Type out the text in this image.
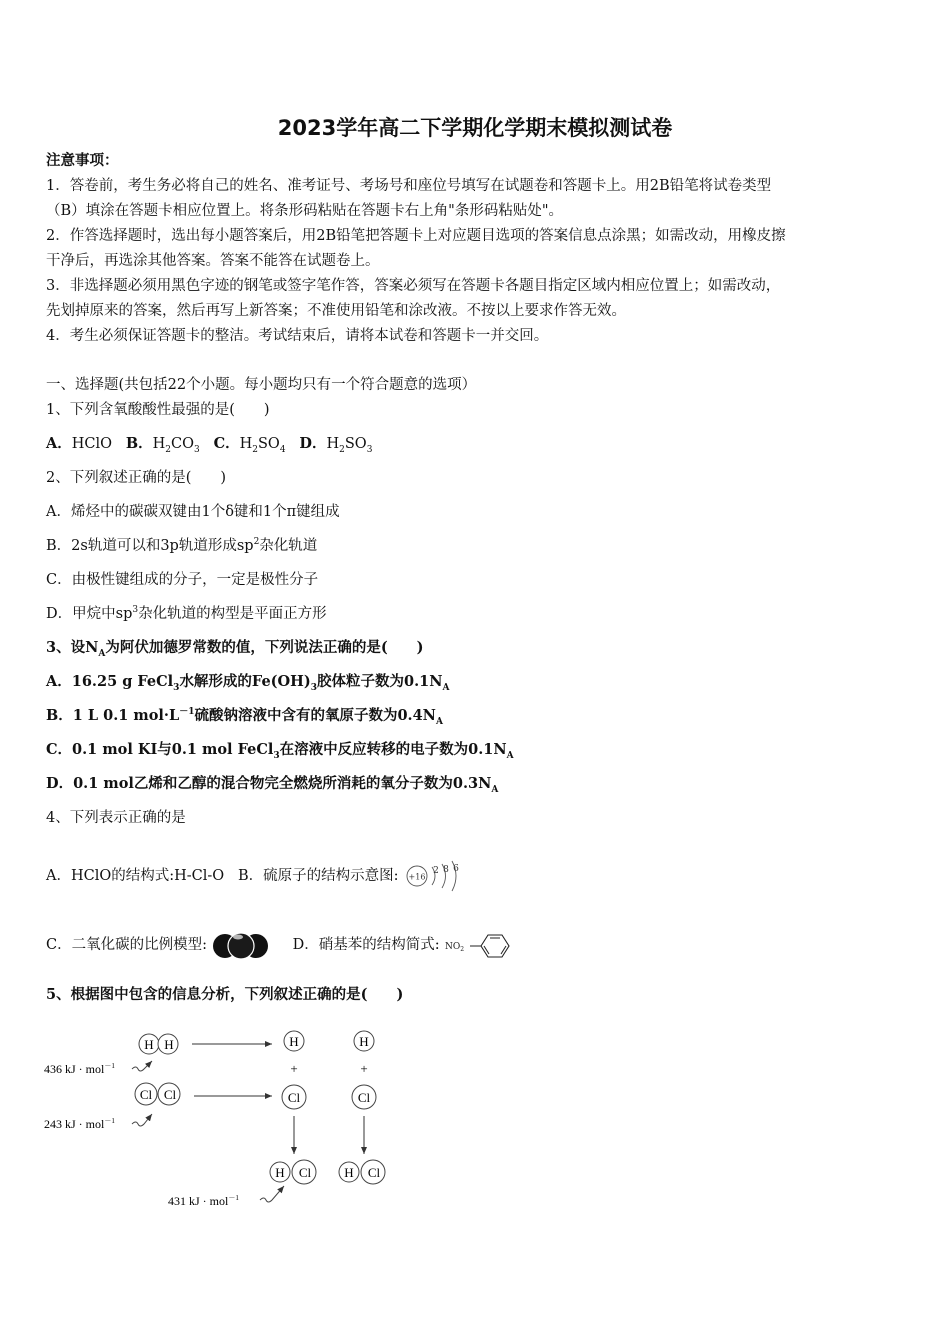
2023学年高二下学期化学期末模拟测试卷
注意事项：
1．答卷前，考生务必将自己的姓名、准考证号、考场号和座位号填写在试题卷和答题卡上。用2B铅笔将试卷类型
（B）填涂在答题卡相应位置上。将条形码粘贴在答题卡右上角"条形码粘贴处"。
2．作答选择题时，选出每小题答案后，用2B铅笔把答题卡上对应题目选项的答案信息点涂黑；如需改动，用橡皮擦
干净后，再选涂其他答案。答案不能答在试题卷上。
3．非选择题必须用黑色字迹的钢笔或签字笔作答，答案必须写在答题卡各题目指定区域内相应位置上；如需改动，
先划掉原来的答案，然后再写上新答案；不准使用铅笔和涂改液。不按以上要求作答无效。
4．考生必须保证答题卡的整洁。考试结束后，请将本试卷和答题卡一并交回。
一、选择题(共包括22个小题。每小题均只有一个符合题意的选项）
1、下列含氧酸酸性最强的是(　　)
A．HClO B．$H_2CO_3$ C．$H_2SO_4$ D．$H_2SO_3$
2、下列叙述正确的是(　　)
A．烯烃中的碳碳双键由1个δ键和1个π键组成
B．2s轨道可以和3p轨道形成$sp^2$杂化轨道
C．由极性键组成的分子，一定是极性分子
D．甲烷中$sp^3$杂化轨道的构型是平面正方形
3、设$N_A$为阿伏加德罗常数的值，下列说法正确的是(　　)
A．16.25 g FeCl$_3$水解形成的$Fe(OH)_3$胶体粒子数为$0.1N_A$
B．1 L 0.1 $mol\cdot L^{-1}$硫酸钠溶液中含有的氧原子数为$0.4N_A$
C．0.1 mol KI与0.1 mol FeCl$_3$在溶液中反应转移的电子数为$0.1N_A$
D．0.1 mol乙烯和乙醇的混合物完全燃烧所消耗的氧分子数为$0.3N_A$
4、下列表示正确的是
A．HClO的结构式:H-Cl-O B．硫原子的结构示意图: +16
2 8 6
C．二氧化碳的比例模型:	D．硝基苯的结构简式: $NO_2$
5、根据图中包含的信息分析，下列叙述正确的是(　　)
H H	H	H
+	+
436 kJ · mol$^{-1}$
Cl Cl	Cl	Cl
243 kJ · mol$^{-1}$
H Cl	H Cl
431 kJ · mol$^{-1}$
